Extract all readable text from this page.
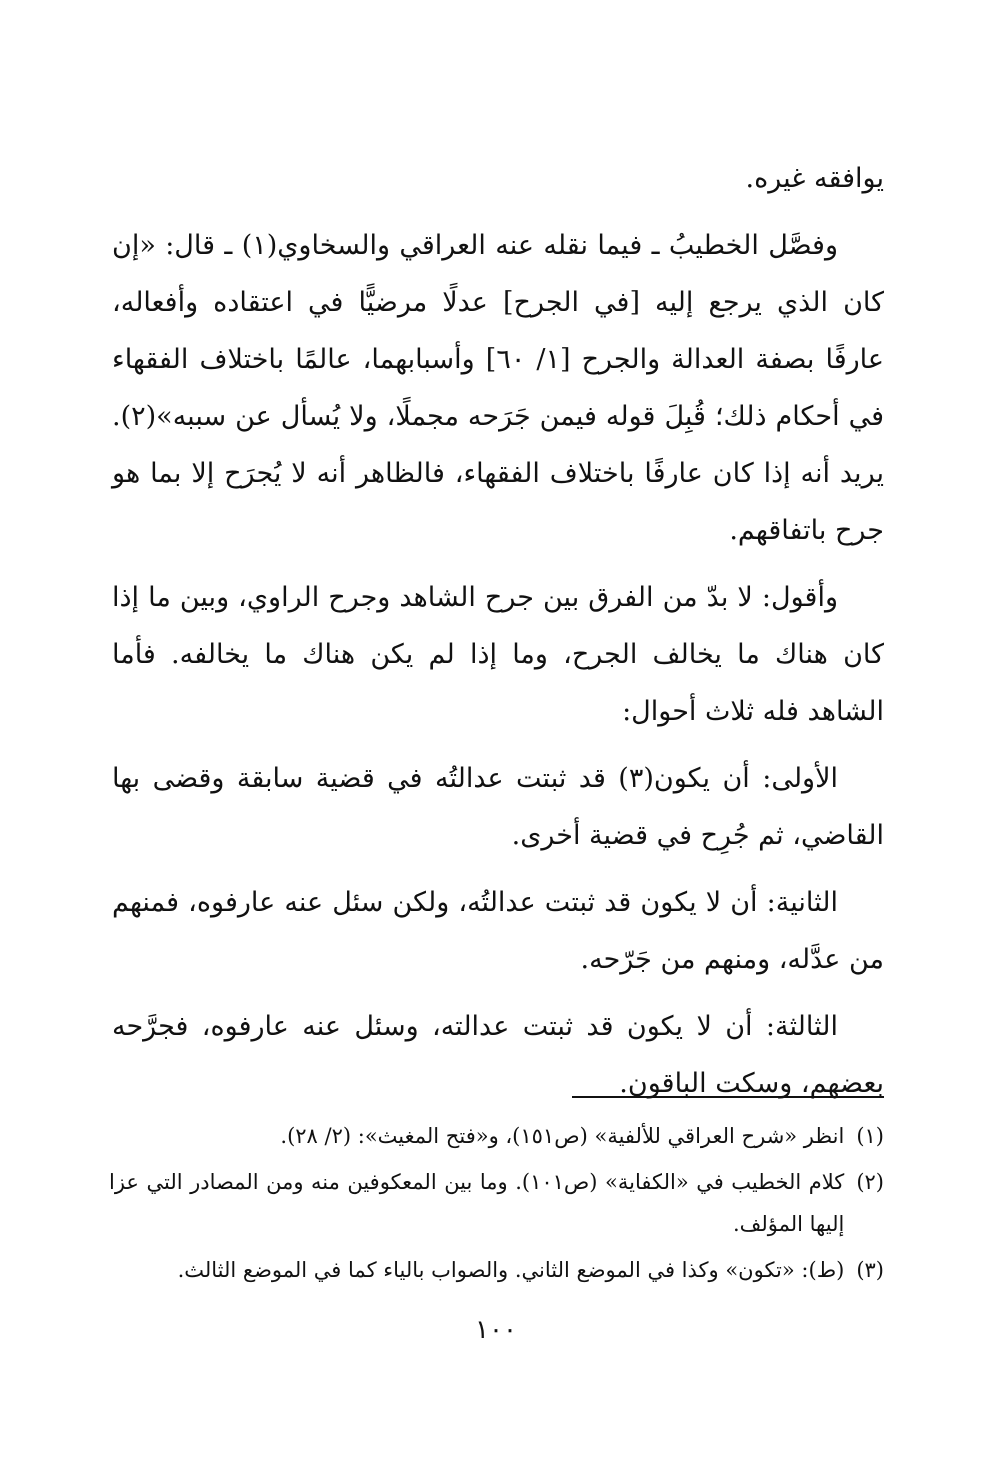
يوافقه غيره.

وفصَّل الخطيبُ ـ فيما نقله عنه العراقي والسخاوي(١) ـ قال: «إن كان الذي يرجع إليه [في الجرح] عدلًا مرضيًّا في اعتقاده وأفعاله، عارفًا بصفة العدالة والجرح [١/ ٦٠] وأسبابهما، عالمًا باختلاف الفقهاء في أحكام ذلك؛ قُبِلَ قوله فيمن جَرَحه مجملًا، ولا يُسأل عن سببه»(٢). يريد أنه إذا كان عارفًا باختلاف الفقهاء، فالظاهر أنه لا يُجرَح إلا بما هو جرح باتفاقهم.

وأقول: لا بدّ من الفرق بين جرح الشاهد وجرح الراوي، وبين ما إذا كان هناك ما يخالف الجرح، وما إذا لم يكن هناك ما يخالفه. فأما الشاهد فله ثلاث أحوال:

الأولى: أن يكون(٣) قد ثبتت عدالتُه في قضية سابقة وقضى بها القاضي، ثم جُرِح في قضية أخرى.

الثانية: أن لا يكون قد ثبتت عدالتُه، ولكن سئل عنه عارفوه، فمنهم من عدَّله، ومنهم من جَرّحه.

الثالثة: أن لا يكون قد ثبتت عدالته، وسئل عنه عارفوه، فجرَّحه بعضهم، وسكت الباقون.

(١)
انظر «شرح العراقي للألفية» (ص١٥١)، و«فتح المغيث»: (٢/ ٢٨).
(٢)
كلام الخطيب في «الكفاية» (ص١٠١). وما بين المعكوفين منه ومن المصادر التي عزا إليها المؤلف.
(٣)
(ط): «تكون» وكذا في الموضع الثاني. والصواب بالياء كما في الموضع الثالث.
١٠٠
